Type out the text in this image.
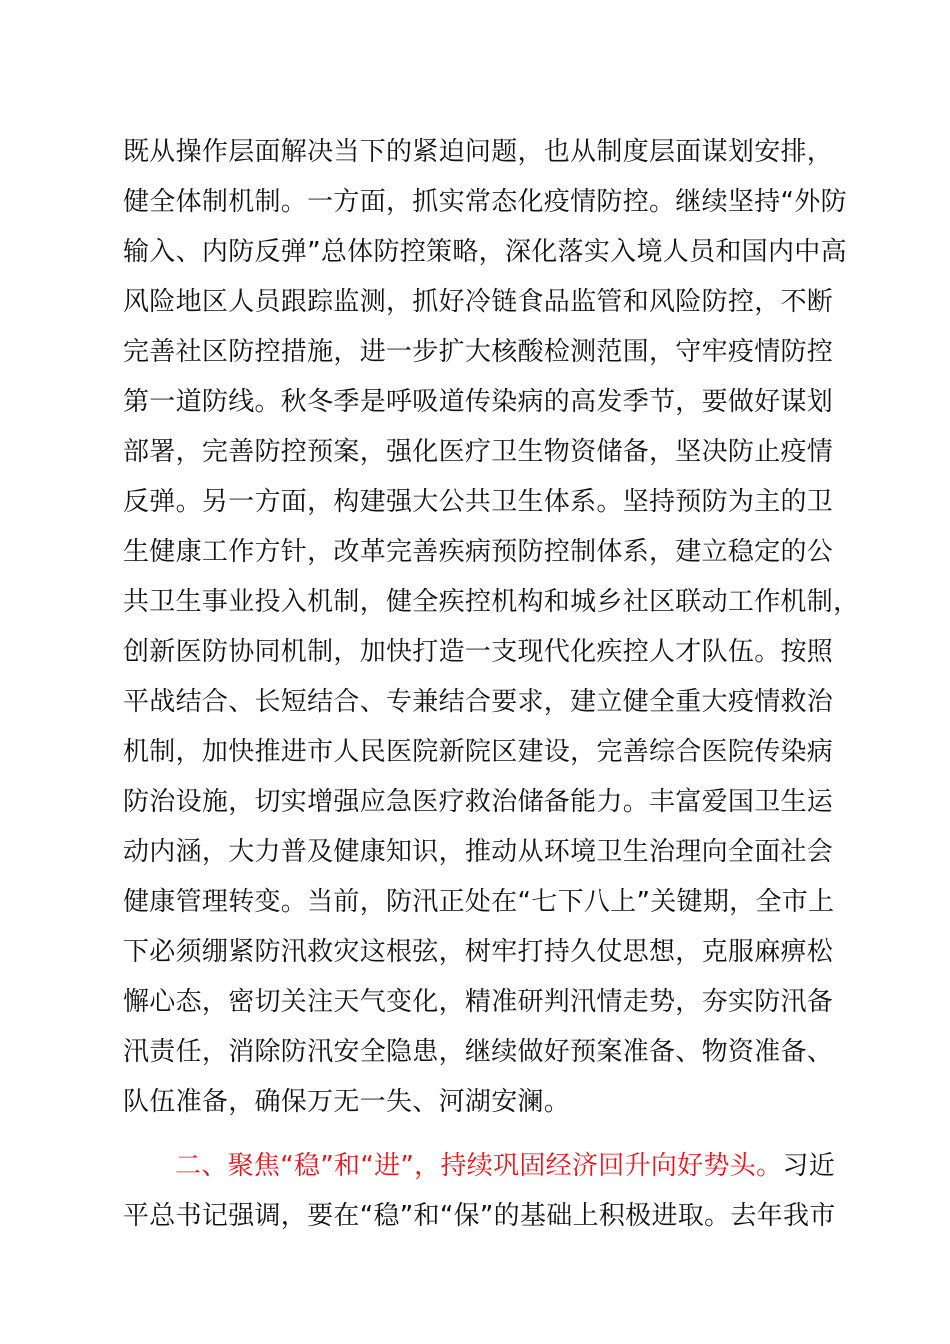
既从操作层面解决当下的紧迫问题，也从制度层面谋划安排，
健全体制机制。一方面，抓实常态化疫情防控。继续坚持“外防
输入、内防反弹”总体防控策略，深化落实入境人员和国内中高
风险地区人员跟踪监测，抓好冷链食品监管和风险防控，不断
完善社区防控措施，进一步扩大核酸检测范围，守牢疫情防控
第一道防线。秋冬季是呼吸道传染病的高发季节，要做好谋划
部署，完善防控预案，强化医疗卫生物资储备，坚决防止疫情
反弹。另一方面，构建强大公共卫生体系。坚持预防为主的卫
生健康工作方针，改革完善疾病预防控制体系，建立稳定的公
共卫生事业投入机制，健全疾控机构和城乡社区联动工作机制，
创新医防协同机制，加快打造一支现代化疾控人才队伍。按照
平战结合、长短结合、专兼结合要求，建立健全重大疫情救治
机制，加快推进市人民医院新院区建设，完善综合医院传染病
防治设施，切实增强应急医疗救治储备能力。丰富爱国卫生运
动内涵，大力普及健康知识，推动从环境卫生治理向全面社会
健康管理转变。当前，防汛正处在“七下八上”关键期，全市上
下必须绷紧防汛救灾这根弦，树牢打持久仗思想，克服麻痹松
懈心态，密切关注天气变化，精准研判汛情走势，夯实防汛备
汛责任，消除防汛安全隐患，继续做好预案准备、物资准备、
队伍准备，确保万无一失、河湖安澜。
二、聚焦“稳”和“进”，持续巩固经济回升向好势头。习近
平总书记强调，要在“稳”和“保”的基础上积极进取。去年我市
